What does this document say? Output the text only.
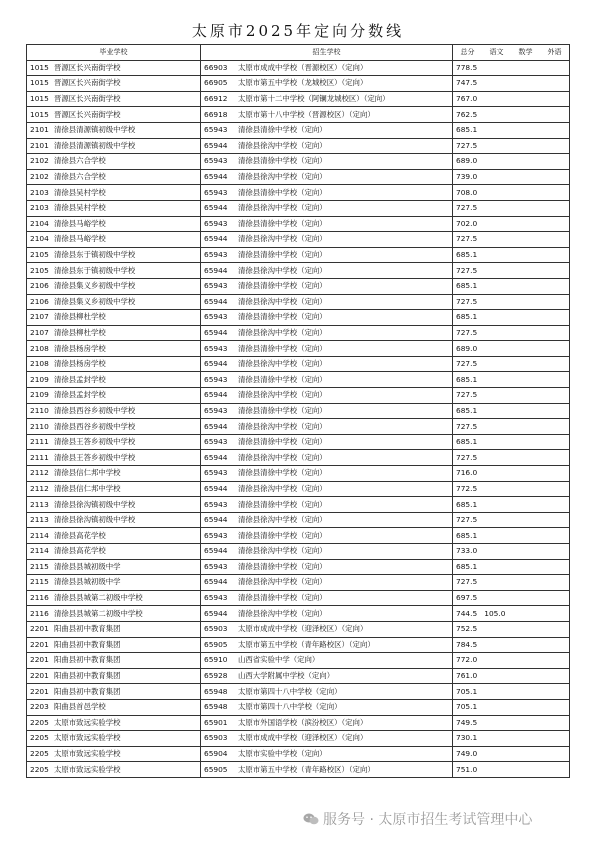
太原市2025年定向分数线
毕业学校	招生学校	总分 语文 数学 外语
1015 晋源区长兴南街学校	66903 太原市成成中学校（晋源校区）（定向）	778.5
1015 晋源区长兴南街学校	66905 太原市第五中学校（龙城校区）（定向）	747.5
1015 晋源区长兴南街学校	66912 太原市第十二中学校（阿镧龙城校区）（定向）	767.0
1015 晋源区长兴南街学校	66918 太原市第十八中学校（晋源校区）（定向）	762.5
2101 清徐县清源镇初级中学校	65943 清徐县清徐中学校（定向）	685.1
2101 清徐县清源镇初级中学校	65944 清徐县徐沟中学校（定向）	727.5
2102 清徐县六合学校	65943 清徐县清徐中学校（定向）	689.0
2102 清徐县六合学校	65944 清徐县徐沟中学校（定向）	739.0
2103 清徐县吴村学校	65943 清徐县清徐中学校（定向）	708.0
2103 清徐县吴村学校	65944 清徐县徐沟中学校（定向）	727.5
2104 清徐县马峪学校	65943 清徐县清徐中学校（定向）	702.0
2104 清徐县马峪学校	65944 清徐县徐沟中学校（定向）	727.5
2105 清徐县东于镇初级中学校	65943 清徐县清徐中学校（定向）	685.1
2105 清徐县东于镇初级中学校	65944 清徐县徐沟中学校（定向）	727.5
2106 清徐县集义乡初级中学校	65943 清徐县清徐中学校（定向）	685.1
2106 清徐县集义乡初级中学校	65944 清徐县徐沟中学校（定向）	727.5
2107 清徐县柳杜学校	65943 清徐县清徐中学校（定向）	685.1
2107 清徐县柳杜学校	65944 清徐县徐沟中学校（定向）	727.5
2108 清徐县杨房学校	65943 清徐县清徐中学校（定向）	689.0
2108 清徐县杨房学校	65944 清徐县徐沟中学校（定向）	727.5
2109 清徐县孟封学校	65943 清徐县清徐中学校（定向）	685.1
2109 清徐县孟封学校	65944 清徐县徐沟中学校（定向）	727.5
2110 清徐县西谷乡初级中学校	65943 清徐县清徐中学校（定向）	685.1
2110 清徐县西谷乡初级中学校	65944 清徐县徐沟中学校（定向）	727.5
2111 清徐县王答乡初级中学校	65943 清徐县清徐中学校（定向）	685.1
2111 清徐县王答乡初级中学校	65944 清徐县徐沟中学校（定向）	727.5
2112 清徐县信仁邦中学校	65943 清徐县清徐中学校（定向）	716.0
2112 清徐县信仁邦中学校	65944 清徐县徐沟中学校（定向）	772.5
2113 清徐县徐沟镇初级中学校	65943 清徐县清徐中学校（定向）	685.1
2113 清徐县徐沟镇初级中学校	65944 清徐县徐沟中学校（定向）	727.5
2114 清徐县高花学校	65943 清徐县清徐中学校（定向）	685.1
2114 清徐县高花学校	65944 清徐县徐沟中学校（定向）	733.0
2115 清徐县县城初级中学	65943 清徐县清徐中学校（定向）	685.1
2115 清徐县县城初级中学	65944 清徐县徐沟中学校（定向）	727.5
2116 清徐县县城第二初级中学校	65943 清徐县清徐中学校（定向）	697.5
2116 清徐县县城第二初级中学校	65944 清徐县徐沟中学校（定向）	744.5 105.0
2201 阳曲县初中教育集团	65903 太原市成成中学校（迎泽校区）（定向）	752.5
2201 阳曲县初中教育集团	65905 太原市第五中学校（青年路校区）（定向）	784.5
2201 阳曲县初中教育集团	65910 山西省实验中学（定向）	772.0
2201 阳曲县初中教育集团	65928 山西大学附属中学校（定向）	761.0
2201 阳曲县初中教育集团	65948 太原市第四十八中学校（定向）	705.1
2203 阳曲县首邑学校	65948 太原市第四十八中学校（定向）	705.1
2205 太原市致远实验学校	65901 太原市外国语学校（滨汾校区）（定向）	749.5
2205 太原市致远实验学校	65903 太原市成成中学校（迎泽校区）（定向）	730.1
2205 太原市致远实验学校	65904 太原市实验中学校（定向）	749.0
2205 太原市致远实验学校	65905 太原市第五中学校（青年路校区）（定向）	751.0
服务号 · 太原市招生考试管理中心
